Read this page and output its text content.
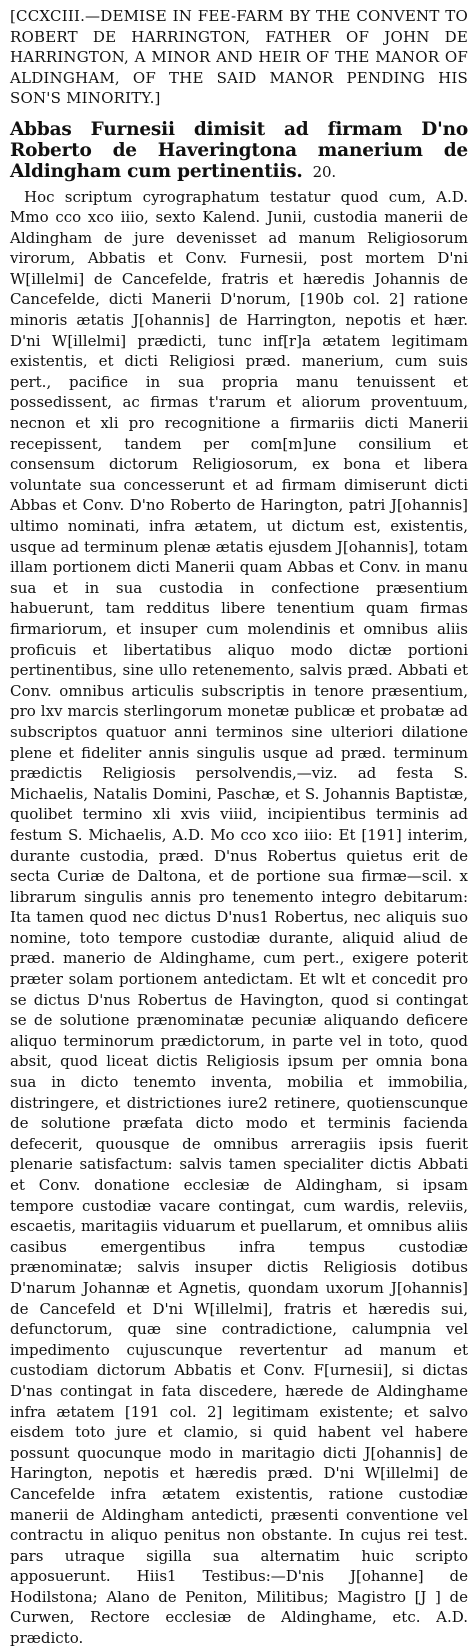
[CCXCIII.—DEMISE IN FEE-FARM BY THE CONVENT TO ROBERT DE HARRINGTON, FATHER OF JOHN DE HARRINGTON, A MINOR AND HEIR OF THE MANOR OF ALDINGHAM, OF THE SAID MANOR PENDING HIS SON'S MINORITY.]

Abbas Furnesii dimisit ad firmam D'no Roberto de Haveringtona manerium de Aldingham cum pertinentiis. 20.

Hoc scriptum cyrographatum testatur quod cum, A.D. Mmo cco xco iiio, sexto Kalend. Junii, custodia manerii de Aldingham de jure devenisset ad manum Religiosorum virorum, Abbatis et Conv. Furnesii, post mortem D'ni W[illelmi] de Cancefelde, fratris et hæredis Johannis de Cancefelde, dicti Manerii D'norum, [190b col. 2] ratione minoris ætatis J[ohannis] de Harrington, nepotis et hær. D'ni W[illelmi] prædicti, tunc inf[r]a ætatem legitimam existentis, et dicti Religiosi præd. manerium, cum suis pert., pacifice in sua propria manu tenuissent et possedissent, ac firmas t'rarum et aliorum proventuum, necnon et xli pro recognitione a firmariis dicti Manerii recepissent, tandem per com[m]une consilium et consensum dictorum Religiosorum, ex bona et libera voluntate sua concesserunt et ad firmam dimiserunt dicti Abbas et Conv. D'no Roberto de Harington, patri J[ohannis] ultimo nominati, infra ætatem, ut dictum est, existentis, usque ad terminum plenæ ætatis ejusdem J[ohannis], totam illam portionem dicti Manerii quam Abbas et Conv. in manu sua et in sua custodia in confectione præsentium habuerunt, tam redditus libere tenentium quam firmas firmariorum, et insuper cum molendinis et omnibus aliis proficuis et libertatibus aliquo modo dictæ portioni pertinentibus, sine ullo retenemento, salvis præd. Abbati et Conv. omnibus articulis subscriptis in tenore præsentium, pro lxv marcis sterlingorum monetæ publicæ et probatæ ad subscriptos quatuor anni terminos sine ulteriori dilatione plene et fideliter annis singulis usque ad præd. terminum prædictis Religiosis persolvendis,—viz. ad festa S. Michaelis, Natalis Domini, Paschæ, et S. Johannis Baptistæ, quolibet termino xli xvis viiid, incipientibus terminis ad festum S. Michaelis, A.D. Mo cco xco iiio: Et [191] interim, durante custodia, præd. D'nus Robertus quietus erit de secta Curiæ de Daltona, et de portione sua firmæ—scil. x librarum singulis annis pro tenemento integro debitarum: Ita tamen quod nec dictus D'nus1 Robertus, nec aliquis suo nomine, toto tempore custodiæ durante, aliquid aliud de præd. manerio de Aldinghame, cum pert., exigere poterit præter solam portionem antedictam. Et wlt et concedit pro se dictus D'nus Robertus de Havington, quod si contingat se de solutione prænominatæ pecuniæ aliquando deficere aliquo terminorum prædictorum, in parte vel in toto, quod absit, quod liceat dictis Religiosis ipsum per omnia bona sua in dicto tenemto inventa, mobilia et immobilia, distringere, et districtiones iure2 retinere, quotienscunque de solutione præfata dicto modo et terminis facienda defecerit, quousque de omnibus arreragiis ipsis fuerit plenarie satisfactum: salvis tamen specialiter dictis Abbati et Conv. donatione ecclesiæ de Aldingham, si ipsam tempore custodiæ vacare contingat, cum wardis, releviis, escaetis, maritagiis viduarum et puellarum, et omnibus aliis casibus emergentibus infra tempus custodiæ prænominatæ; salvis insuper dictis Religiosis dotibus D'narum Johannæ et Agnetis, quondam uxorum J[ohannis] de Cancefeld et D'ni W[illelmi], fratris et hæredis sui, defunctorum, quæ sine contradictione, calumpnia vel impedimento cujuscunque revertentur ad manum et custodiam dictorum Abbatis et Conv. F[urnesii], si dictas D'nas contingat in fata discedere, hærede de Aldinghame infra ætatem [191 col. 2] legitimam existente; et salvo eisdem toto jure et clamio, si quid habent vel habere possunt quocunque modo in maritagio dicti J[ohannis] de Harington, nepotis et hæredis præd. D'ni W[illelmi] de Cancefelde infra ætatem existentis, ratione custodiæ manerii de Aldingham antedicti, præsenti conventione vel contractu in aliquo penitus non obstante. In cujus rei test. pars utraque sigilla sua alternatim huic scripto apposuerunt. Hiis1 Testibus:—D'nis J[ohanne] de Hodilstona; Alano de Peniton, Militibus; Magistro [J ] de Curwen, Rectore ecclesiæ de Aldinghame, etc. A.D. prædicto.
